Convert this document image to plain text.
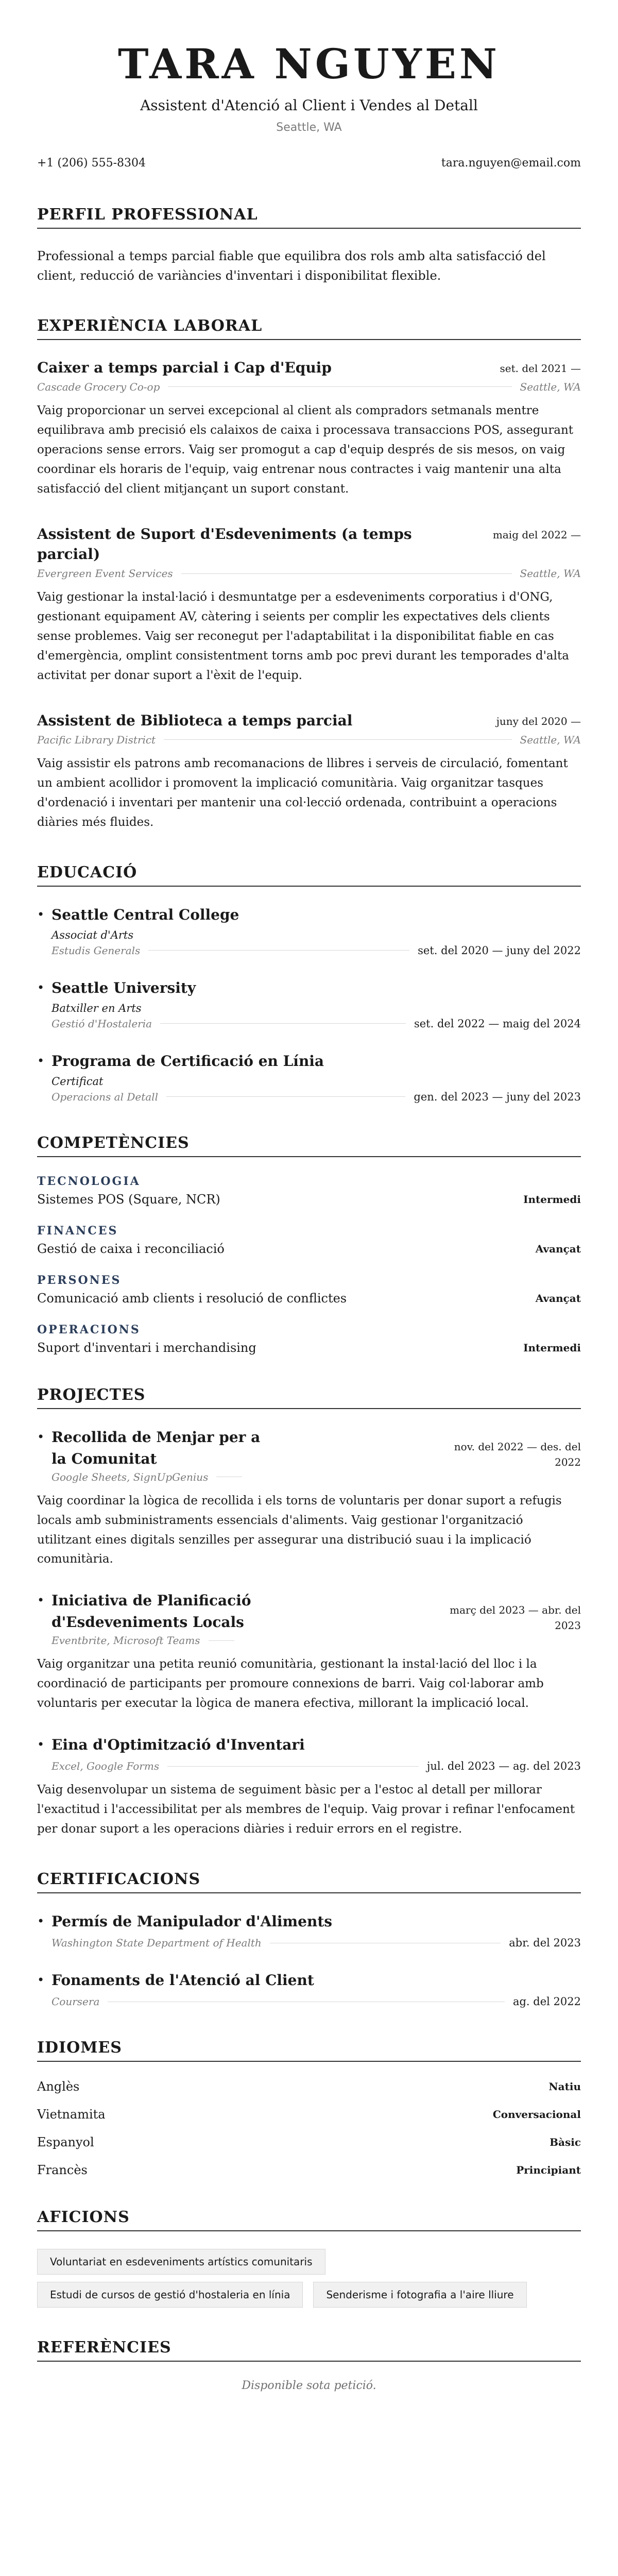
TARA NGUYEN
Assistent d'Atenció al Client i Vendes al Detall
Seattle, WA
+1 (206) 555-8304	tara.nguyen@email.com
PERFIL PROFESSIONAL

Professional a temps parcial fiable que equilibra dos rols amb alta satisfacció del client, reducció de variàncies d'inventari i disponibilitat flexible.

EXPERIÈNCIA LABORAL
Caixer a temps parcial i Cap d'Equip	set. del 2021 —
Cascade Grocery Co-op	Seattle, WA

Vaig proporcionar un servei excepcional al client als compradors setmanals mentre equilibrava amb precisió els calaixos de caixa i processava transaccions POS, assegurant operacions sense errors. Vaig ser promogut a cap d'equip després de sis mesos, on vaig coordinar els horaris de l'equip, vaig entrenar nous contractes i vaig mantenir una alta satisfacció del client mitjançant un suport constant.

Assistent de Suport d'Esdeveniments (a temps parcial)
maig del 2022 —
Evergreen Event Services	Seattle, WA

Vaig gestionar la instal·lació i desmuntatge per a esdeveniments corporatius i d'ONG, gestionant equipament AV, càtering i seients per complir les expectatives dels clients sense problemes. Vaig ser reconegut per l'adaptabilitat i la disponibilitat fiable en cas d'emergència, omplint consistentment torns amb poc previ durant les temporades d'alta activitat per donar suport a l'èxit de l'equip.

Assistent de Biblioteca a temps parcial	juny del 2020 —
Pacific Library District	Seattle, WA

Vaig assistir els patrons amb recomanacions de llibres i serveis de circulació, fomentant un ambient acollidor i promovent la implicació comunitària. Vaig organitzar tasques d'ordenació i inventari per mantenir una col·lecció ordenada, contribuint a operacions diàries més fluides.

EDUCACIÓ
• Seattle Central College
Associat d'Arts
Estudis Generals	set. del 2020 — juny del 2022
• Seattle University
Batxiller en Arts
Gestió d'Hostaleria	set. del 2022 — maig del 2024
• Programa de Certificació en Línia
Certificat
Operacions al Detall	gen. del 2023 — juny del 2023
COMPETÈNCIES
TECNOLOGIA
Sistemes POS (Square, NCR)	Intermedi
FINANCES
Gestió de caixa i reconciliació	Avançat
PERSONES
Comunicació amb clients i resolució de conflictes	Avançat
OPERACIONS
Suport d'inventari i merchandising	Intermedi
PROJECTES
• Recollida de Menjar per a la Comunitat
nov. del 2022 — des. del 2022
Google Sheets, SignUpGenius

Vaig coordinar la lògica de recollida i els torns de voluntaris per donar suport a refugis locals amb subministraments essencials d'aliments. Vaig gestionar l'organització utilitzant eines digitals senzilles per assegurar una distribució suau i la implicació comunitària.

• Iniciativa de Planificació d'Esdeveniments Locals
març del 2023 — abr. del 2023
Eventbrite, Microsoft Teams

Vaig organitzar una petita reunió comunitària, gestionant la instal·lació del lloc i la coordinació de participants per promoure connexions de barri. Vaig col·laborar amb voluntaris per executar la lògica de manera efectiva, millorant la implicació local.

• Eina d'Optimització d'Inventari
Excel, Google Forms	jul. del 2023 — ag. del 2023

Vaig desenvolupar un sistema de seguiment bàsic per a l'estoc al detall per millorar l'exactitud i l'accessibilitat per als membres de l'equip. Vaig provar i refinar l'enfocament per donar suport a les operacions diàries i reduir errors en el registre.

CERTIFICACIONS
• Permís de Manipulador d'Aliments
Washington State Department of Health	abr. del 2023
• Fonaments de l'Atenció al Client
Coursera	ag. del 2022
IDIOMES
Anglès	Natiu
Vietnamita	Conversacional
Espanyol	Bàsic
Francès	Principiant
AFICIONS
Voluntariat en esdeveniments artístics comunitaris
Estudi de cursos de gestió d'hostaleria en línia	Senderisme i fotografia a l'aire lliure
REFERÈNCIES

Disponible sota petició.
